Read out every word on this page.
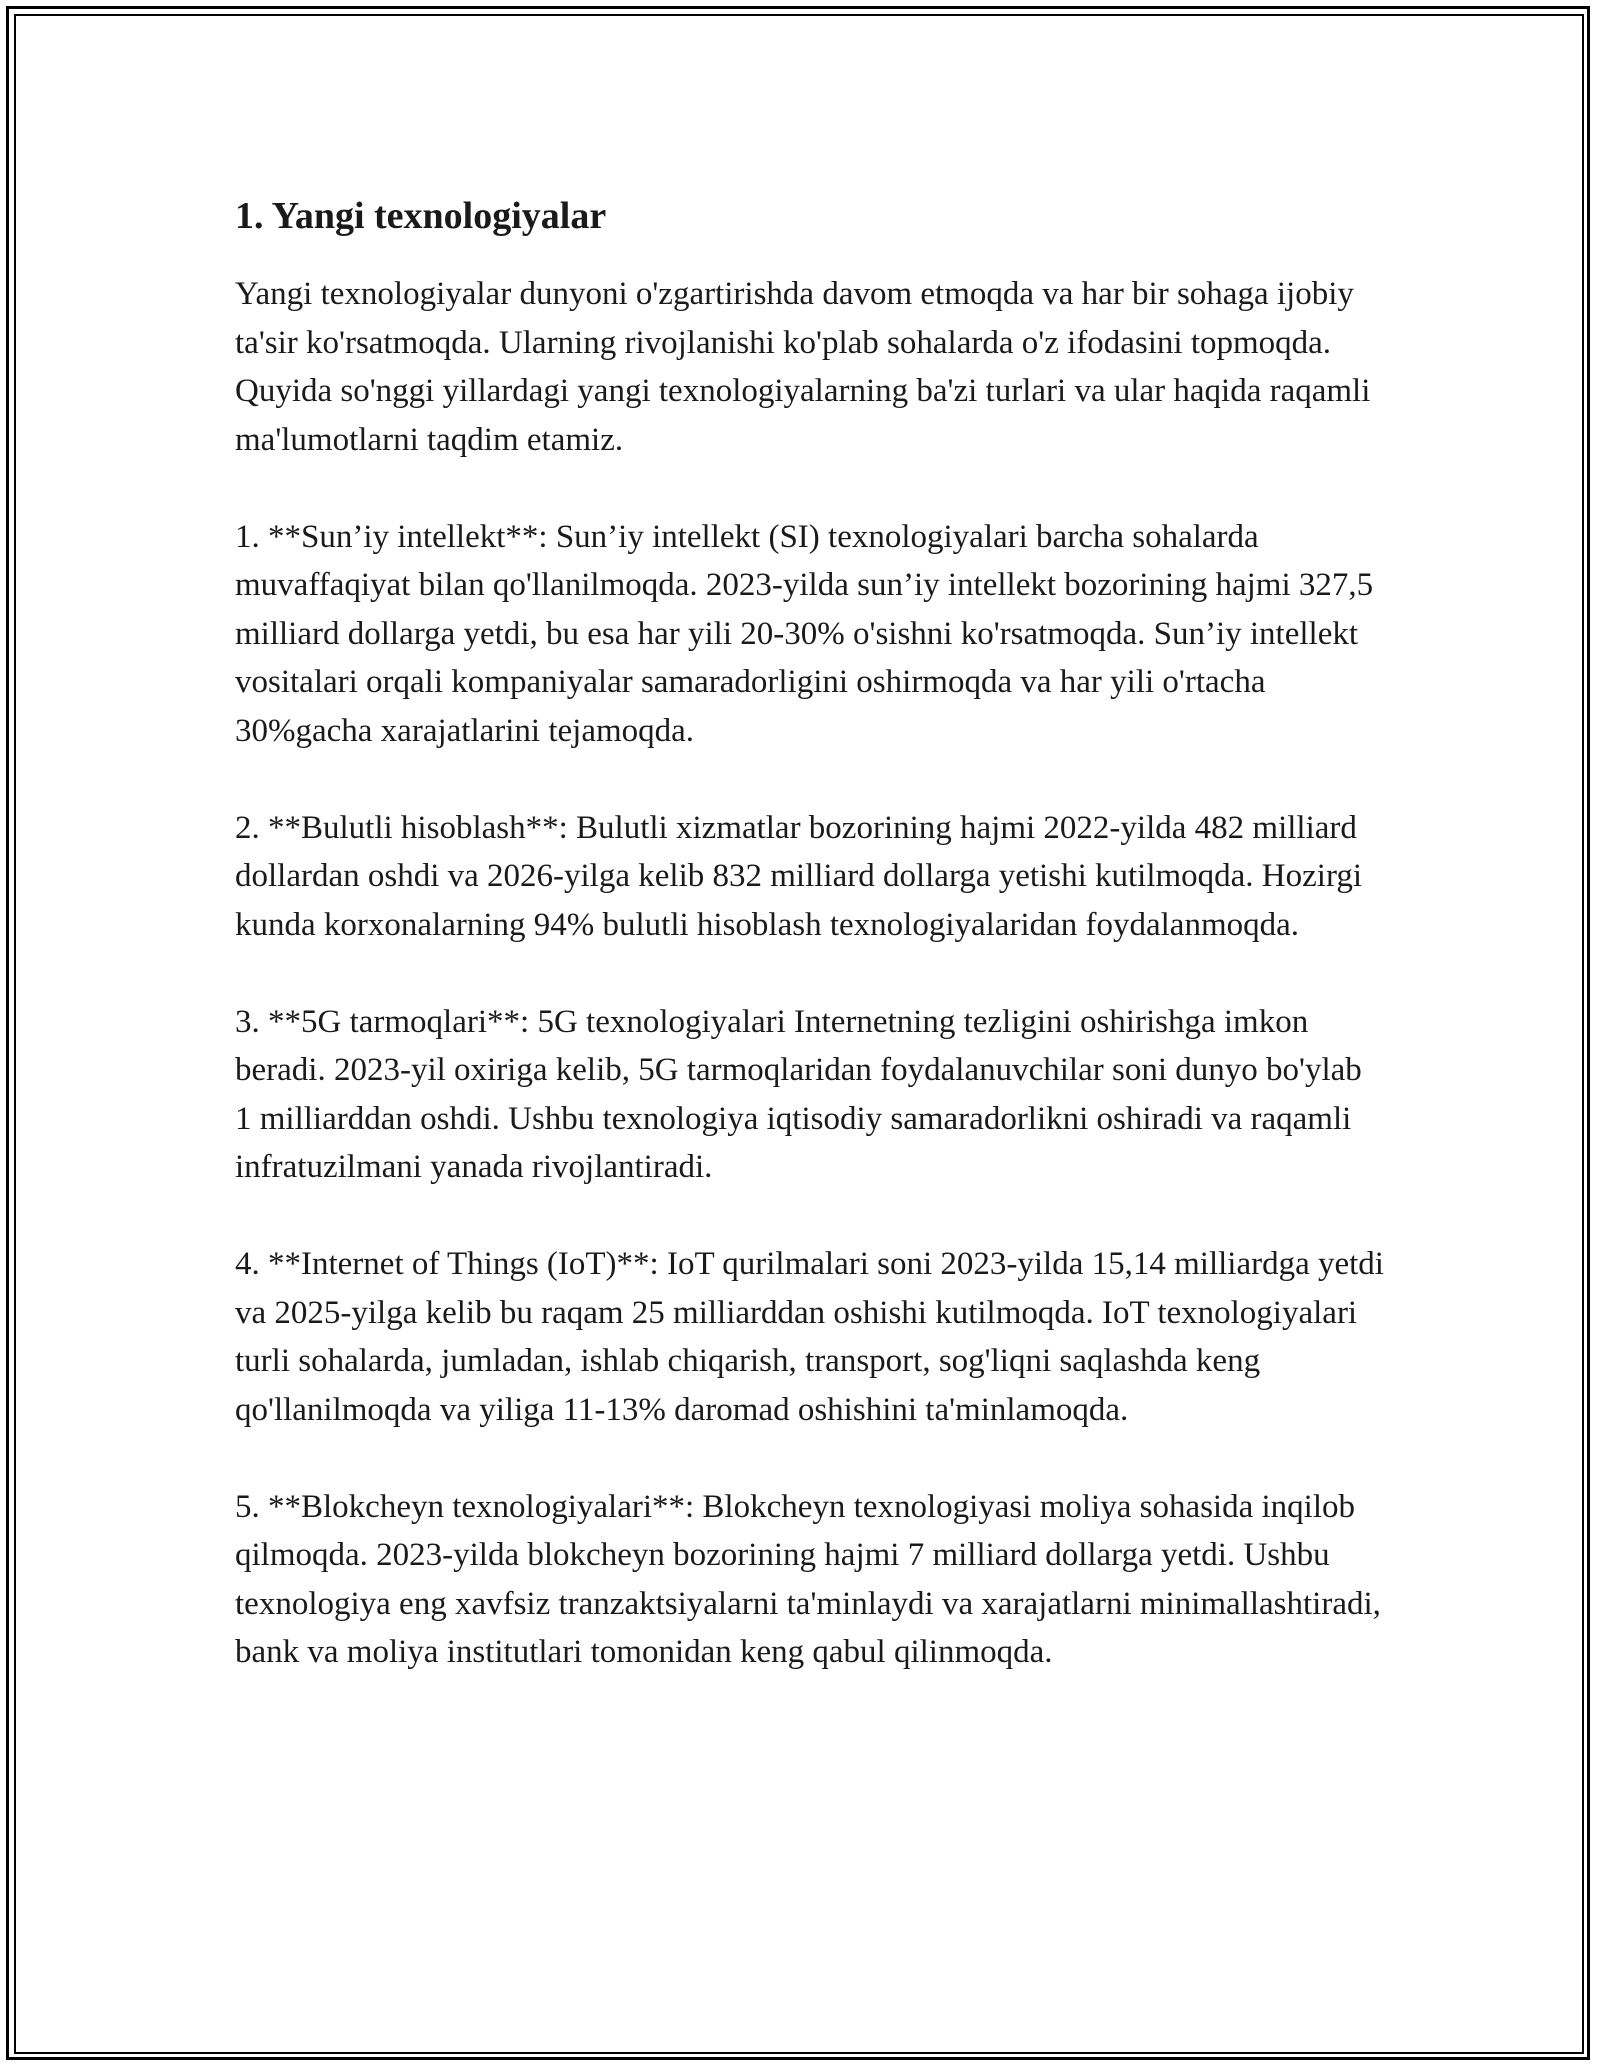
1. Yangi texnologiyalar

Yangi texnologiyalar dunyoni o'zgartirishda davom etmoqda va har bir sohaga ijobiy ta'sir ko'rsatmoqda. Ularning rivojlanishi ko'plab sohalarda o'z ifodasini topmoqda. Quyida so'nggi yillardagi yangi texnologiyalarning ba'zi turlari va ular haqida raqamli ma'lumotlarni taqdim etamiz.

1. **Sun’iy intellekt**: Sun’iy intellekt (SI) texnologiyalari barcha sohalarda muvaffaqiyat bilan qo'llanilmoqda. 2023-yilda sun’iy intellekt bozorining hajmi 327,5 milliard dollarga yetdi, bu esa har yili 20-30% o'sishni ko'rsatmoqda. Sun’iy intellekt vositalari orqali kompaniyalar samaradorligini oshirmoqda va har yili o'rtacha 30%gacha xarajatlarini tejamoqda.

2. **Bulutli hisoblash**: Bulutli xizmatlar bozorining hajmi 2022-yilda 482 milliard dollardan oshdi va 2026-yilga kelib 832 milliard dollarga yetishi kutilmoqda. Hozirgi kunda korxonalarning 94% bulutli hisoblash texnologiyalaridan foydalanmoqda.

3. **5G tarmoqlari**: 5G texnologiyalari Internetning tezligini oshirishga imkon beradi. 2023-yil oxiriga kelib, 5G tarmoqlaridan foydalanuvchilar soni dunyo bo'ylab 1 milliarddan oshdi. Ushbu texnologiya iqtisodiy samaradorlikni oshiradi va raqamli infratuzilmani yanada rivojlantiradi.

4. **Internet of Things (IoT)**: IoT qurilmalari soni 2023-yilda 15,14 milliardga yetdi va 2025-yilga kelib bu raqam 25 milliarddan oshishi kutilmoqda. IoT texnologiyalari turli sohalarda, jumladan, ishlab chiqarish, transport, sog'liqni saqlashda keng qo'llanilmoqda va yiliga 11-13% daromad oshishini ta'minlamoqda.

5. **Blokcheyn texnologiyalari**: Blokcheyn texnologiyasi moliya sohasida inqilob qilmoqda. 2023-yilda blokcheyn bozorining hajmi 7 milliard dollarga yetdi. Ushbu texnologiya eng xavfsiz tranzaktsiyalarni ta'minlaydi va xarajatlarni minimallashtiradi, bank va moliya institutlari tomonidan keng qabul qilinmoqda.
